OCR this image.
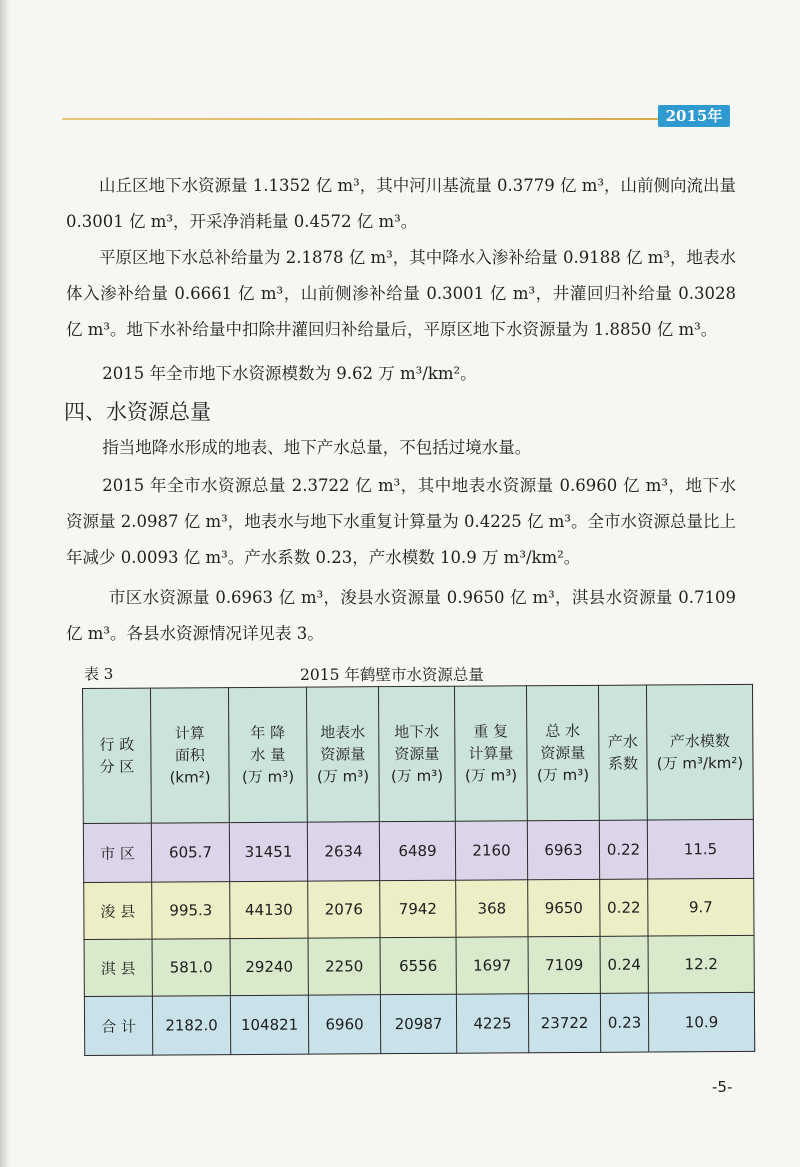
2015年

山丘区地下水资源量 1.1352 亿 m³，其中河川基流量 0.3779 亿 m³，山前侧向流出量 0.3001 亿 m³，开采净消耗量 0.4572 亿 m³。

平原区地下水总补给量为 2.1878 亿 m³，其中降水入渗补给量 0.9188 亿 m³，地表水体入渗补给量 0.6661 亿 m³，山前侧渗补给量 0.3001 亿 m³，井灌回归补给量 0.3028 亿 m³。地下水补给量中扣除井灌回归补给量后，平原区地下水资源量为 1.8850 亿 m³。

2015 年全市地下水资源模数为 9.62 万 m³/km²。

四、水资源总量

指当地降水形成的地表、地下产水总量，不包括过境水量。

2015 年全市水资源总量 2.3722 亿 m³，其中地表水资源量 0.6960 亿 m³，地下水资源量 2.0987 亿 m³，地表水与地下水重复计算量为 0.4225 亿 m³。全市水资源总量比上年减少 0.0093 亿 m³。产水系数 0.23，产水模数 10.9 万 m³/km²。

市区水资源量 0.6963 亿 m³，浚县水资源量 0.9650 亿 m³，淇县水资源量 0.7109 亿 m³。各县水资源情况详见表 3。

表 3	2015 年鹤壁市水资源总量
行 政
分 区	计算
面积
(km²)	年 降
水 量
(万 m³)	地表水
资源量
(万 m³)	地下水
资源量
(万 m³)	重 复
计算量
(万 m³)	总 水
资源量
(万 m³)	产水
系数	产水模数
(万 m³/km²)
市 区	605.7	31451	2634	6489	2160	6963	0.22	11.5
浚 县	995.3	44130	2076	7942	368	9650	0.22	9.7
淇 县	581.0	29240	2250	6556	1697	7109	0.24	12.2
合 计	2182.0	104821	6960	20987	4225	23722	0.23	10.9
-5-
